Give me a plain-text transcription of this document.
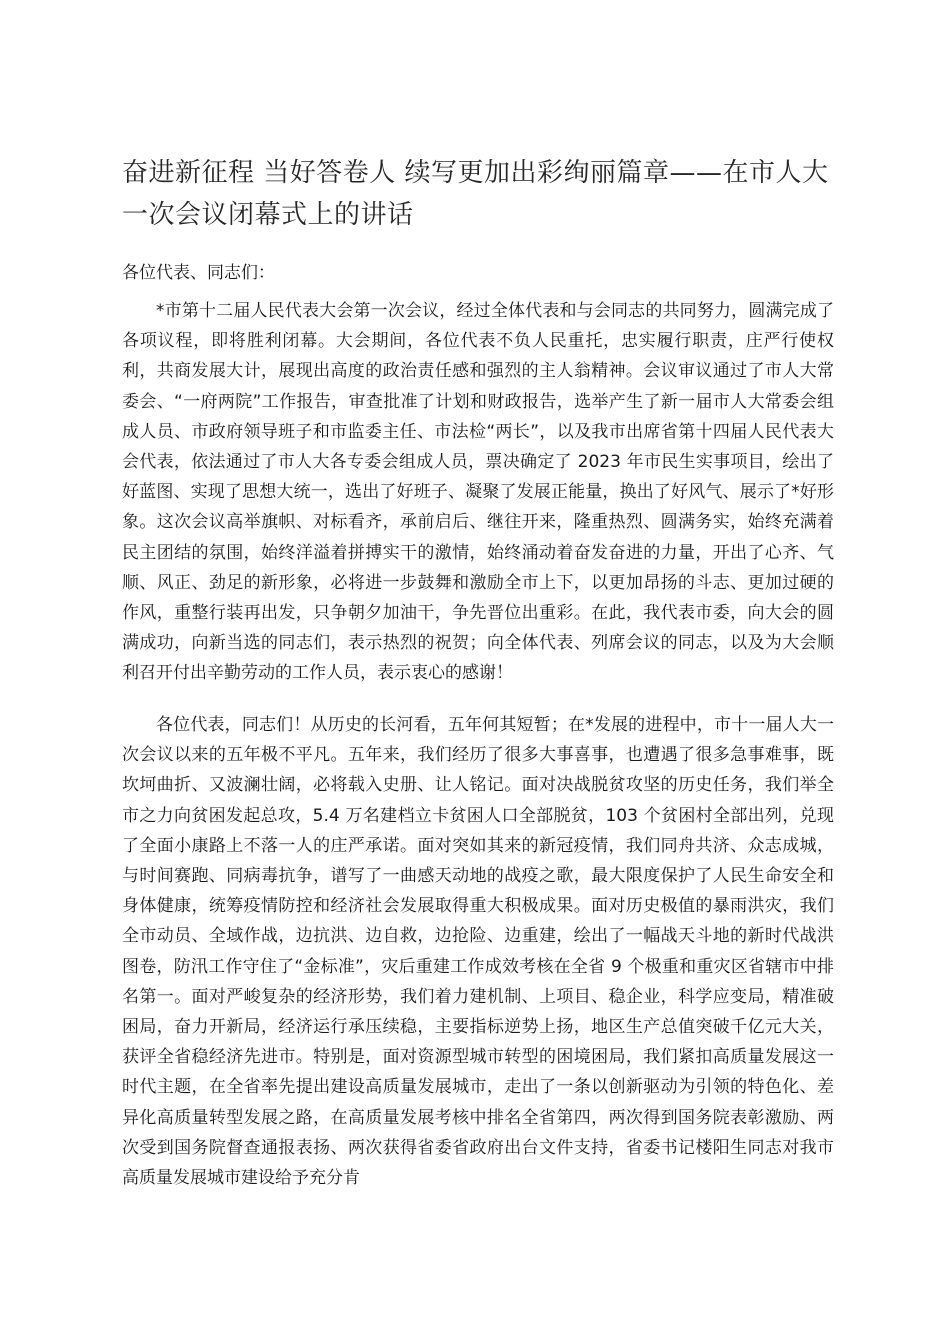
奋进新征程 当好答卷人 续写更加出彩绚丽篇章——在市人大一次会议闭幕式上的讲话

各位代表、同志们：

*市第十二届人民代表大会第一次会议，经过全体代表和与会同志的共同努力，圆满完成了各项议程，即将胜利闭幕。大会期间，各位代表不负人民重托，忠实履行职责，庄严行使权利，共商发展大计，展现出高度的政治责任感和强烈的主人翁精神。会议审议通过了市人大常委会、“一府两院”工作报告，审查批准了计划和财政报告，选举产生了新一届市人大常委会组成人员、市政府领导班子和市监委主任、市法检“两长”，以及我市出席省第十四届人民代表大会代表，依法通过了市人大各专委会组成人员，票决确定了 2023 年市民生实事项目，绘出了好蓝图、实现了思想大统一，选出了好班子、凝聚了发展正能量，换出了好风气、展示了*好形象。这次会议高举旗帜、对标看齐，承前启后、继往开来，隆重热烈、圆满务实，始终充满着民主团结的氛围，始终洋溢着拼搏实干的激情，始终涌动着奋发奋进的力量，开出了心齐、气顺、风正、劲足的新形象，必将进一步鼓舞和激励全市上下，以更加昂扬的斗志、更加过硬的作风，重整行装再出发，只争朝夕加油干，争先晋位出重彩。在此，我代表市委，向大会的圆满成功，向新当选的同志们，表示热烈的祝贺；向全体代表、列席会议的同志，以及为大会顺利召开付出辛勤劳动的工作人员，表示衷心的感谢！

各位代表，同志们！从历史的长河看，五年何其短暂；在*发展的进程中，市十一届人大一次会议以来的五年极不平凡。五年来，我们经历了很多大事喜事，也遭遇了很多急事难事，既坎坷曲折、又波澜壮阔，必将载入史册、让人铭记。面对决战脱贫攻坚的历史任务，我们举全市之力向贫困发起总攻，5.4 万名建档立卡贫困人口全部脱贫，103 个贫困村全部出列，兑现了全面小康路上不落一人的庄严承诺。面对突如其来的新冠疫情，我们同舟共济、众志成城，与时间赛跑、同病毒抗争，谱写了一曲感天动地的战疫之歌，最大限度保护了人民生命安全和身体健康，统筹疫情防控和经济社会发展取得重大积极成果。面对历史极值的暴雨洪灾，我们全市动员、全域作战，边抗洪、边自救，边抢险、边重建，绘出了一幅战天斗地的新时代战洪图卷，防汛工作守住了“金标准”，灾后重建工作成效考核在全省 9 个极重和重灾区省辖市中排名第一。面对严峻复杂的经济形势，我们着力建机制、上项目、稳企业，科学应变局，精准破困局，奋力开新局，经济运行承压续稳，主要指标逆势上扬，地区生产总值突破千亿元大关，获评全省稳经济先进市。特别是，面对资源型城市转型的困境困局，我们紧扣高质量发展这一时代主题，在全省率先提出建设高质量发展城市，走出了一条以创新驱动为引领的特色化、差异化高质量转型发展之路，在高质量发展考核中排名全省第四，两次得到国务院表彰激励、两次受到国务院督查通报表扬、两次获得省委省政府出台文件支持，省委书记楼阳生同志对我市高质量发展城市建设给予充分肯
